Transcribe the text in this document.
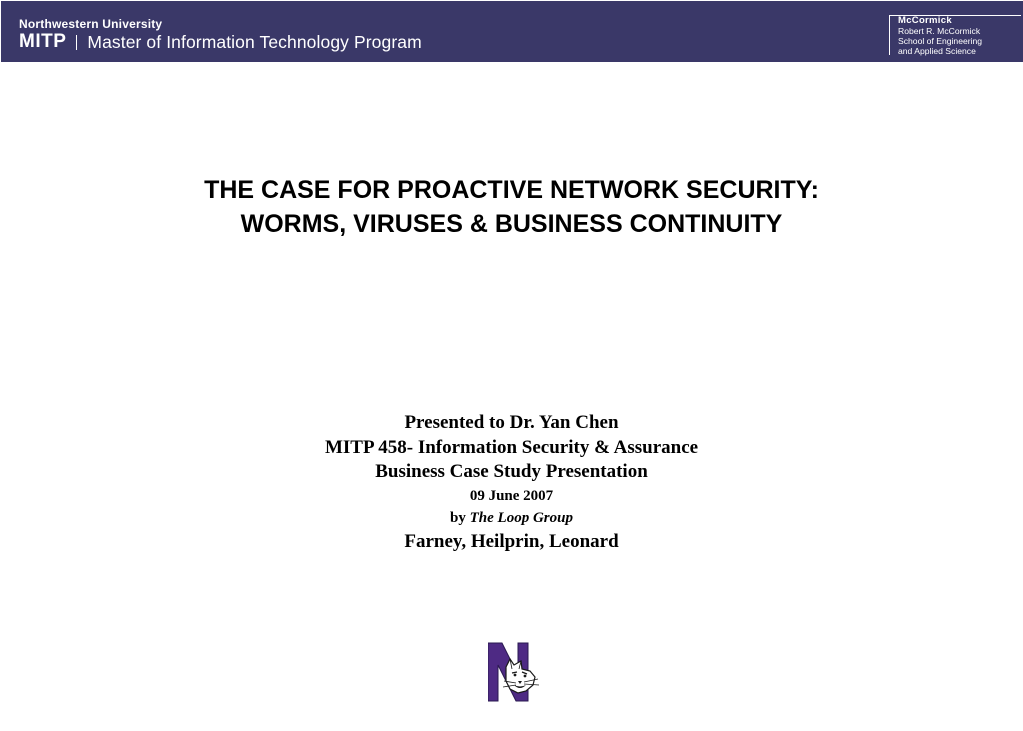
Northwestern University
MITP Master of Information Technology Program
McCormick
Robert R. McCormick
School of Engineering
and Applied Science
THE CASE FOR PROACTIVE NETWORK SECURITY:
WORMS, VIRUSES & BUSINESS CONTINUITY
Presented to Dr. Yan Chen
MITP 458- Information Security & Assurance
Business Case Study Presentation
09 June 2007
by The Loop Group
Farney, Heilprin, Leonard
